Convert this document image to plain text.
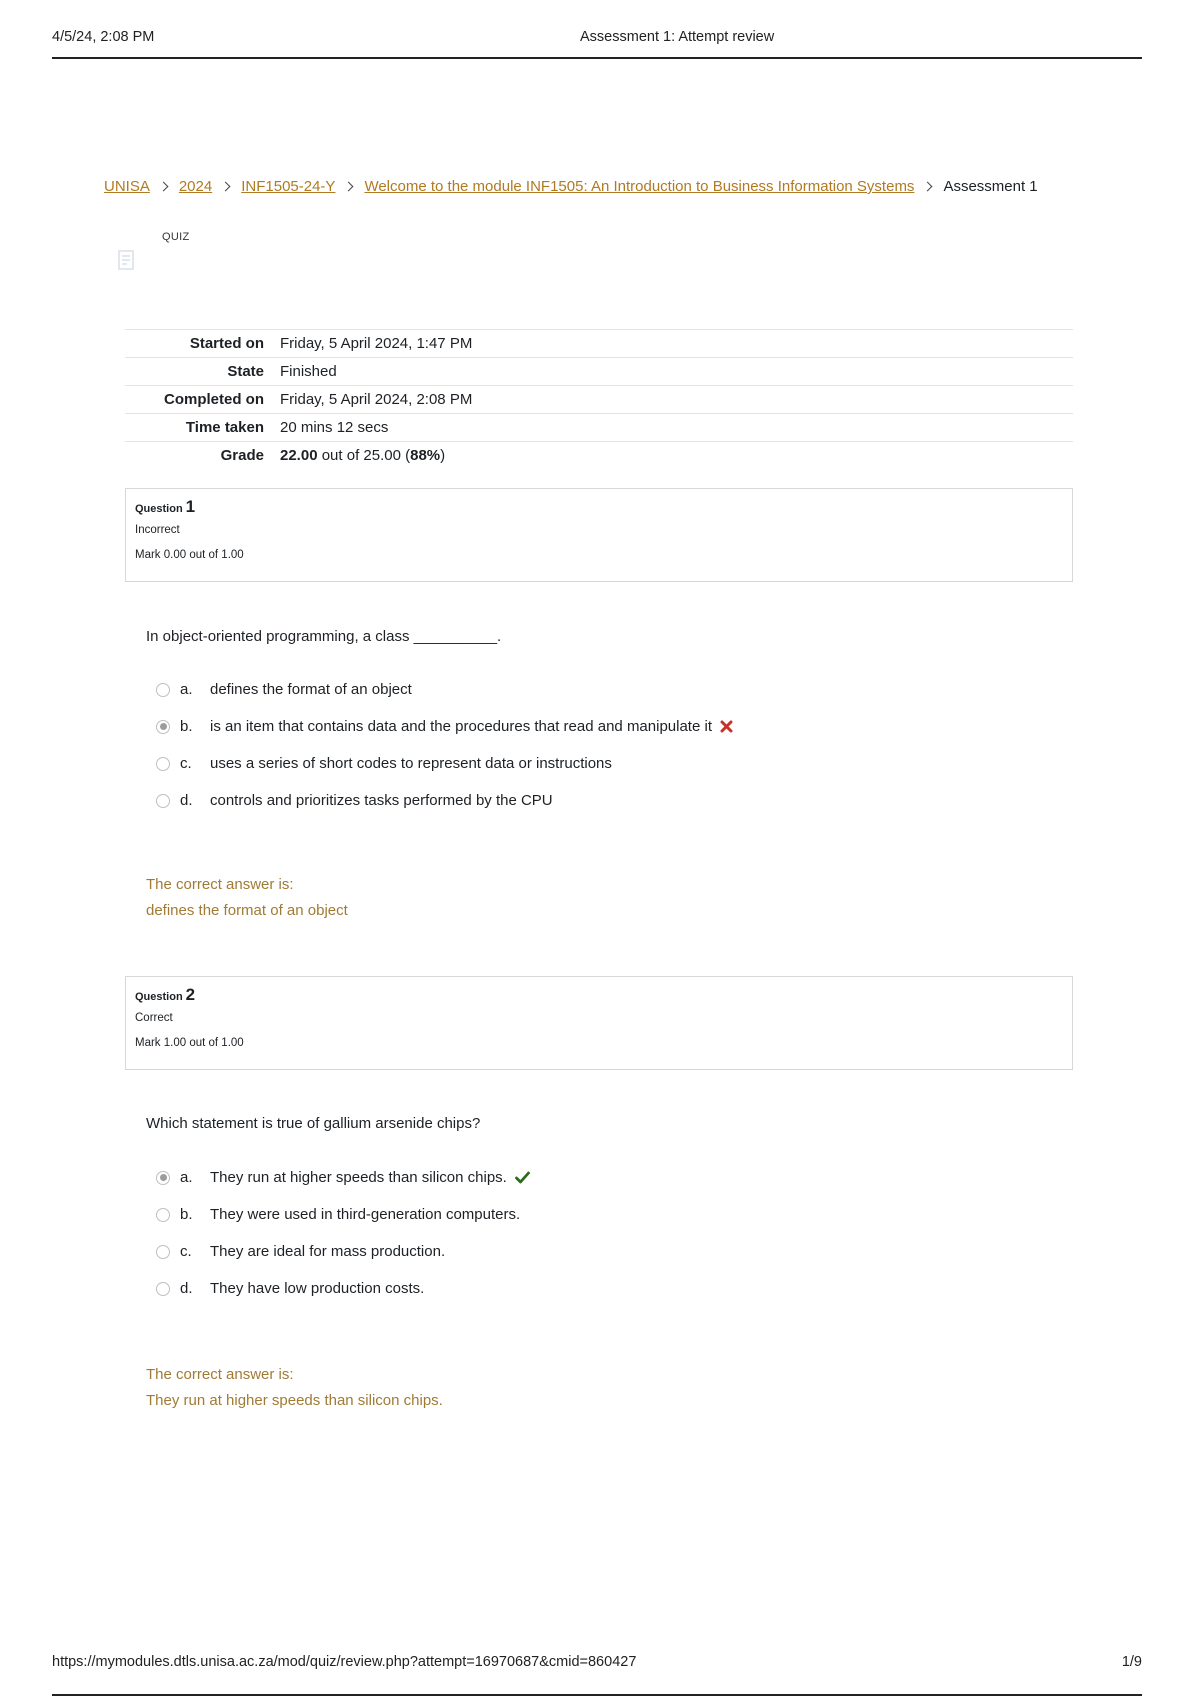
4/5/24, 2:08 PM	Assessment 1: Attempt review
UNISA 2024 INF1505-24-Y Welcome to the module INF1505: An Introduction to Business Information Systems Assessment 1
QUIZ
Started on	Friday, 5 April 2024, 1:47 PM
State	Finished
Completed on	Friday, 5 April 2024, 2:08 PM
Time taken	20 mins 12 secs
Grade	22.00 out of 25.00 (88%)
Question 1
Incorrect
Mark 0.00 out of 1.00
In object-oriented programming, a class __________.
a.	defines the format of an object
b.	is an item that contains data and the procedures that read and manipulate it
c.	uses a series of short codes to represent data or instructions
d.	controls and prioritizes tasks performed by the CPU
The correct answer is:
defines the format of an object
Question 2
Correct
Mark 1.00 out of 1.00
Which statement is true of gallium arsenide chips?
a.	They run at higher speeds than silicon chips.
b.	They were used in third-generation computers.
c.	They are ideal for mass production.
d.	They have low production costs.
The correct answer is:
They run at higher speeds than silicon chips.
https://mymodules.dtls.unisa.ac.za/mod/quiz/review.php?attempt=16970687&cmid=860427	1/9
